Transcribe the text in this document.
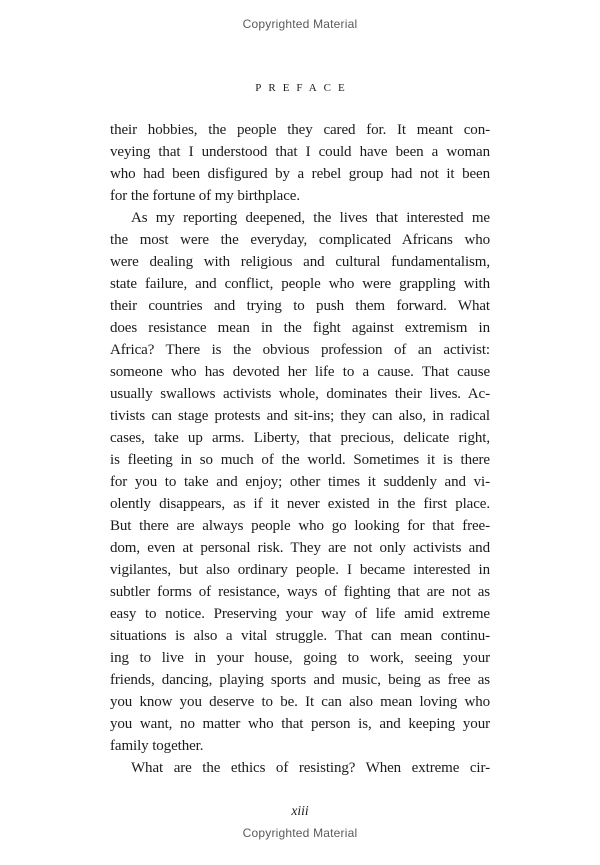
Copyrighted Material
PREFACE
their hobbies, the people they cared for. It meant con-
veying that I understood that I could have been a woman
who had been disfigured by a rebel group had not it been
for the fortune of my birthplace.
As my reporting deepened, the lives that interested me
the most were the everyday, complicated Africans who
were dealing with religious and cultural fundamentalism,
state failure, and conflict, people who were grappling with
their countries and trying to push them forward. What
does resistance mean in the fight against extremism in
Africa? There is the obvious profession of an activist:
someone who has devoted her life to a cause. That cause
usually swallows activists whole, dominates their lives. Ac-
tivists can stage protests and sit-ins; they can also, in radical
cases, take up arms. Liberty, that precious, delicate right,
is fleeting in so much of the world. Sometimes it is there
for you to take and enjoy; other times it suddenly and vi-
olently disappears, as if it never existed in the first place.
But there are always people who go looking for that free-
dom, even at personal risk. They are not only activists and
vigilantes, but also ordinary people. I became interested in
subtler forms of resistance, ways of fighting that are not as
easy to notice. Preserving your way of life amid extreme
situations is also a vital struggle. That can mean continu-
ing to live in your house, going to work, seeing your
friends, dancing, playing sports and music, being as free as
you know you deserve to be. It can also mean loving who
you want, no matter who that person is, and keeping your
family together.
What are the ethics of resisting? When extreme cir-
xiii
Copyrighted Material
